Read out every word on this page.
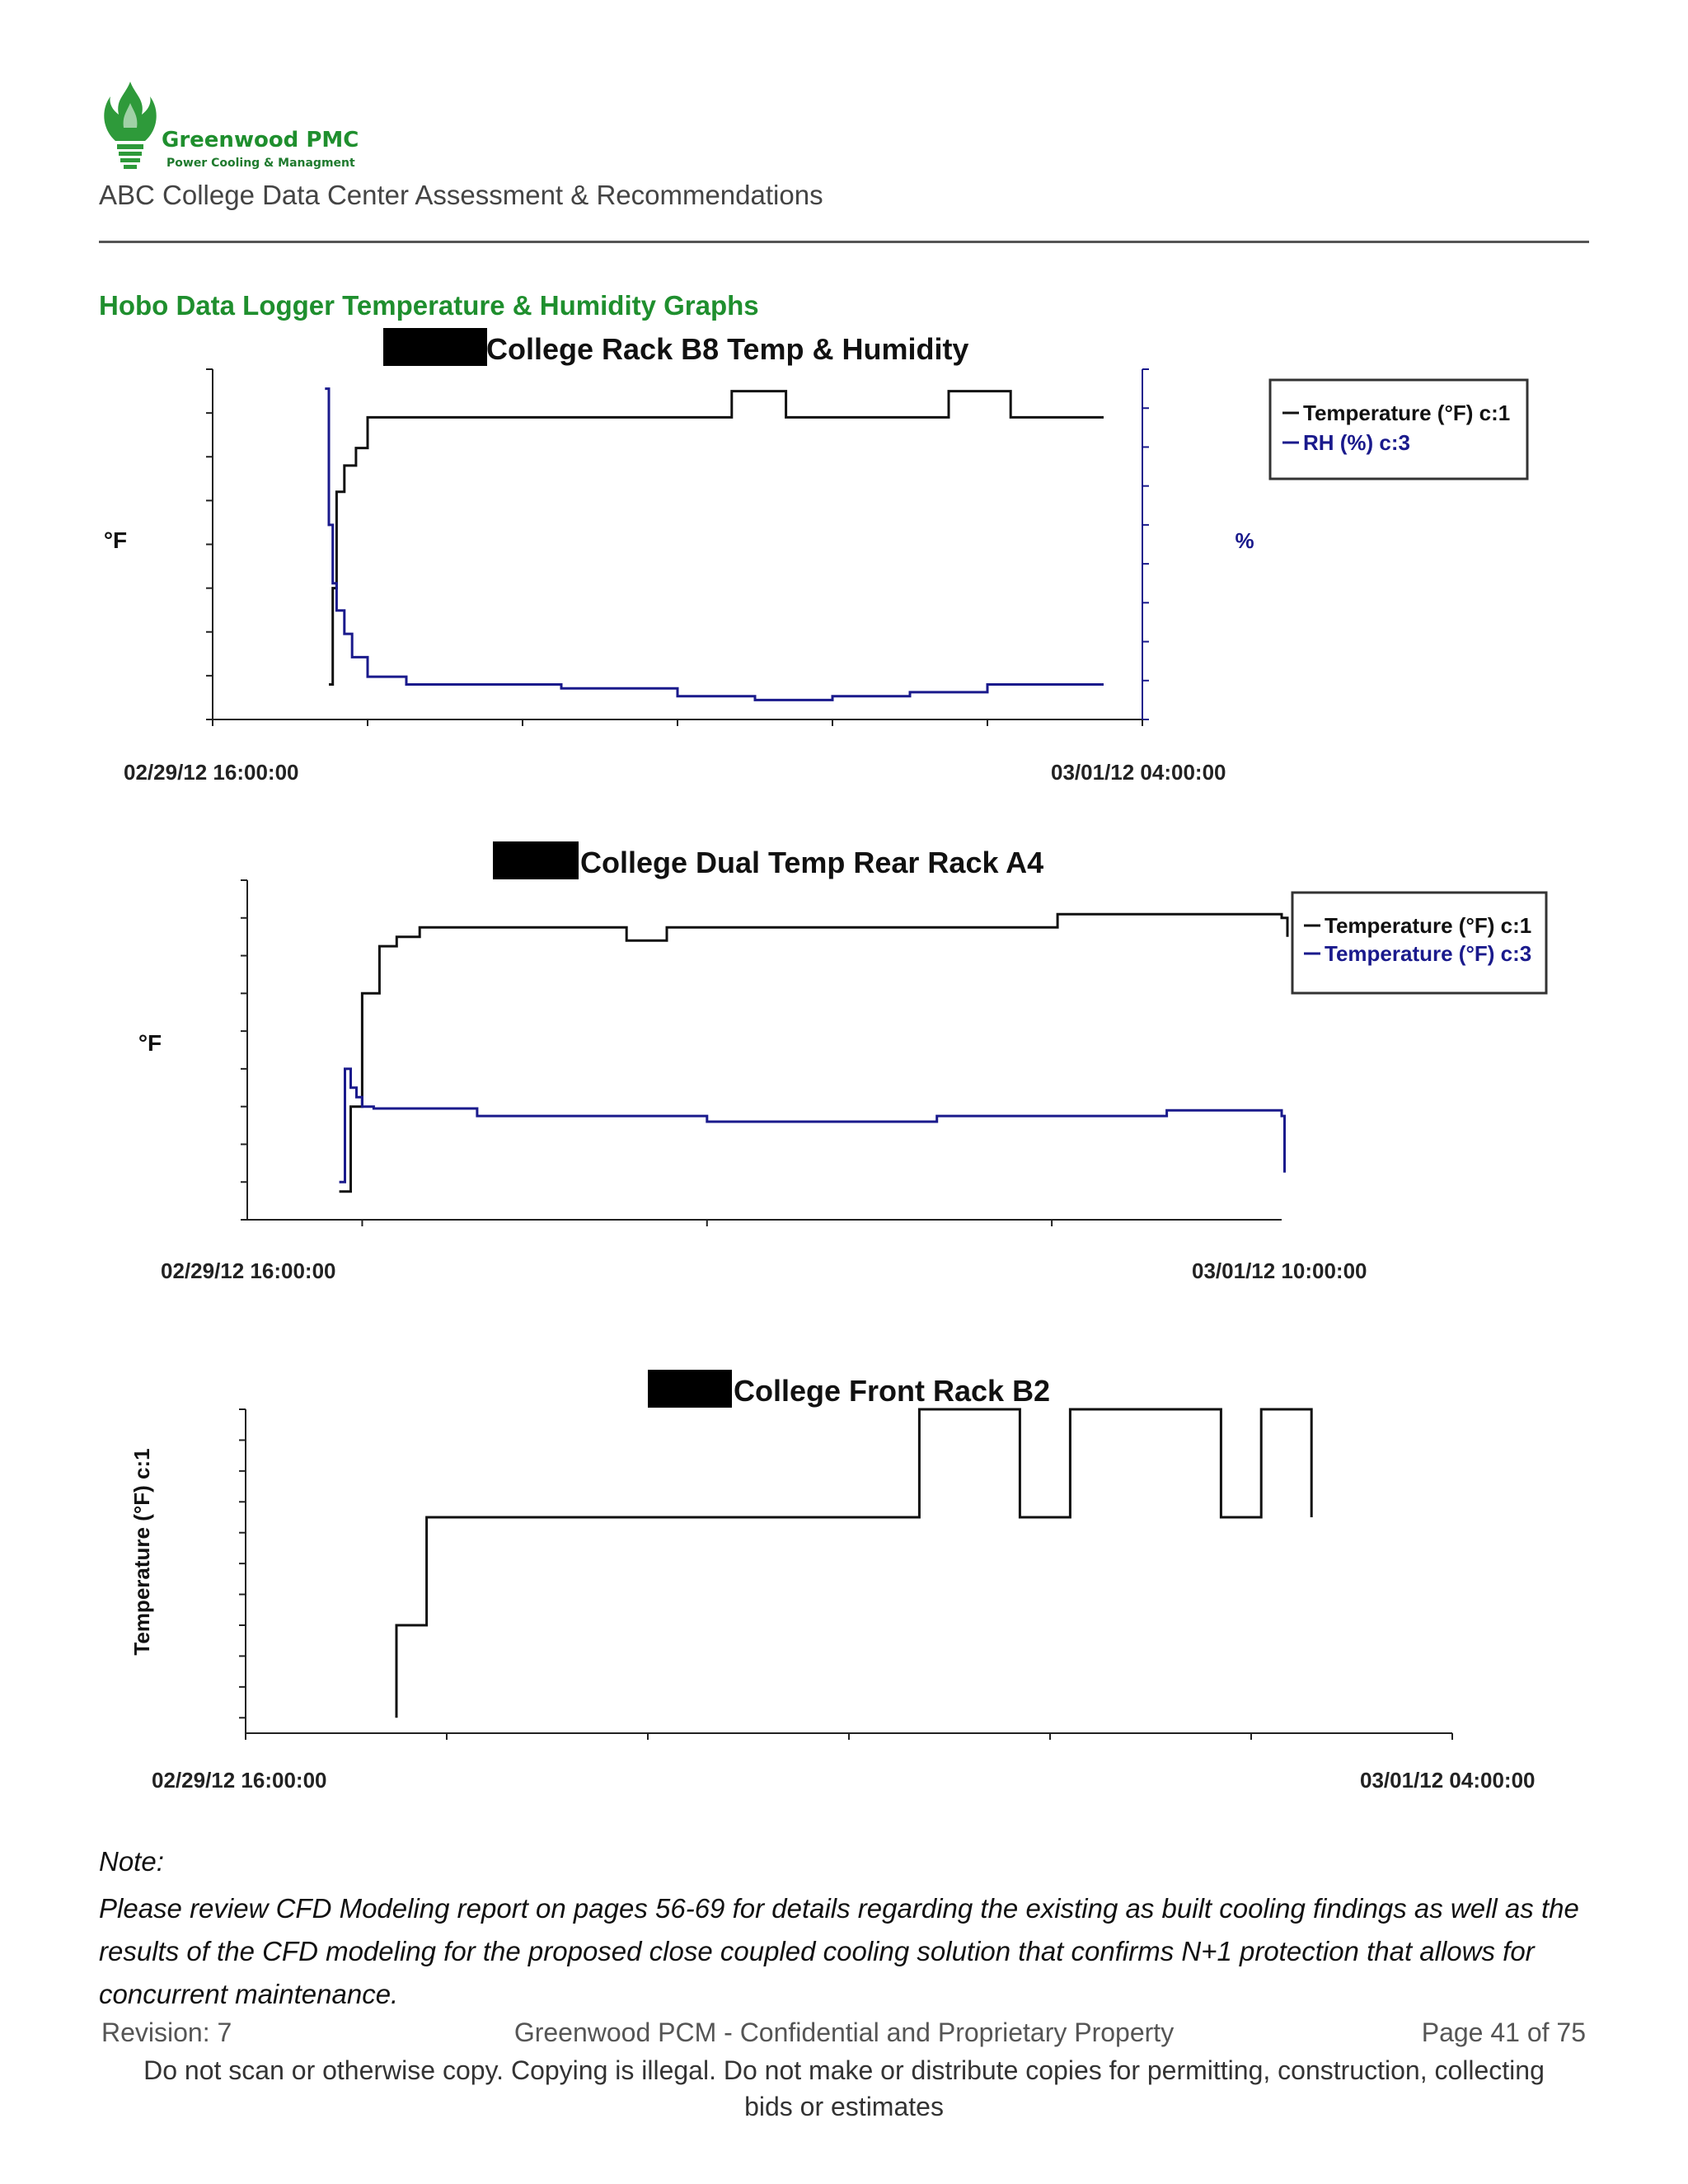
Greenwood PMC
Power Cooling & Managment
ABC College Data Center Assessment & Recommendations
Hobo Data Logger Temperature & Humidity Graphs
College Rack B8 Temp & Humidity
°F	%
02/29/12 16:00:00	03/01/12 04:00:00
Temperature (°F) c:1
RH (%) c:3
College Dual Temp Rear Rack A4
°F
02/29/12 16:00:00	03/01/12 10:00:00
Temperature (°F) c:1
Temperature (°F) c:3
College Front Rack B2
Temperature (°F) c:1
02/29/12 16:00:00	03/01/12 04:00:00
Note:
Please review CFD Modeling report on pages 56-69 for details regarding the existing as built cooling findings as well as the results of the CFD modeling for the proposed close coupled cooling solution that confirms N+1 protection that allows for concurrent maintenance.
Greenwood PCM - Confidential and Proprietary Property
Revision: 7	Page 41 of 75
Do not scan or otherwise copy. Copying is illegal. Do not make or distribute copies for permitting, construction, collecting bids or estimates
